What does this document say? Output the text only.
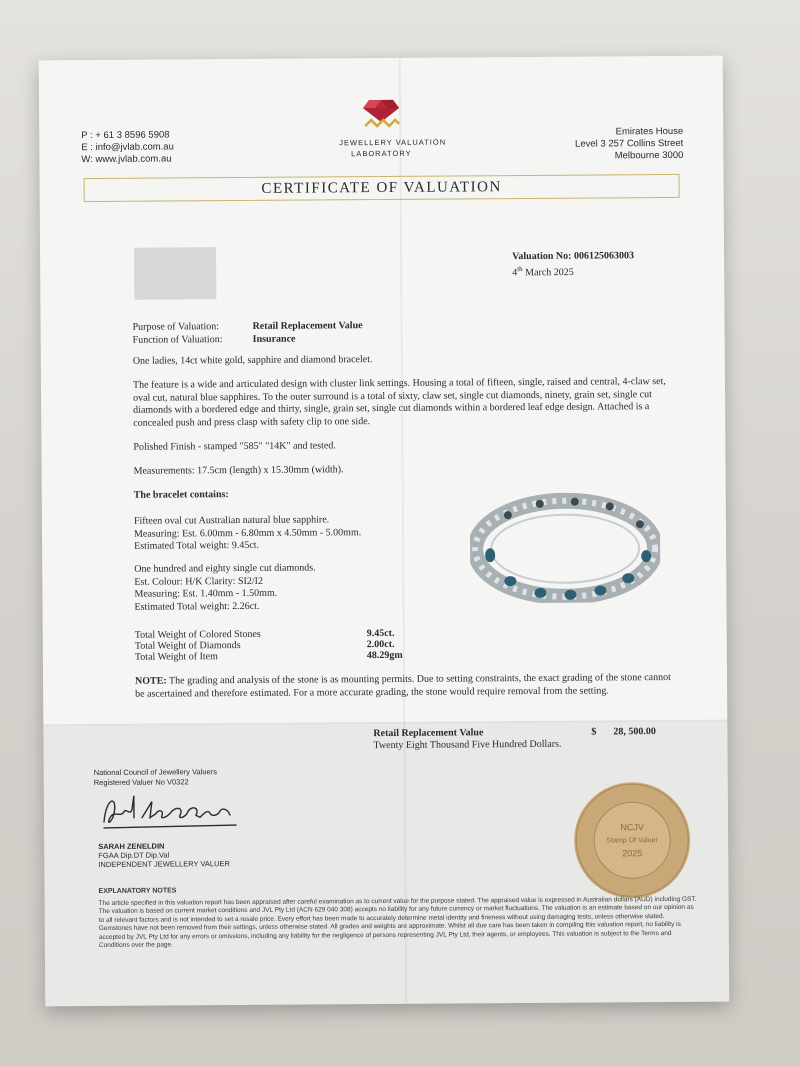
P : + 61 3 8596 5908
E : info@jvlab.com.au
W: www.jvlab.com.au
JEWELLERY VALUATION
LABORATORY
Emirates House
Level 3 257 Collins Street
Melbourne 3000
CERTIFICATE OF VALUATION
Valuation No: 006125063003
4th March 2025
Purpose of Valuation:	Retail Replacement Value
Function of Valuation:	Insurance
One ladies, 14ct white gold, sapphire and diamond bracelet.
The feature is a wide and articulated design with cluster link settings. Housing a total of fifteen, single, raised and central, 4-claw set, oval cut, natural blue sapphires. To the outer surround is a total of sixty, claw set, single cut diamonds, ninety, grain set, single cut diamonds with a bordered edge and thirty, single, grain set, single cut diamonds within a bordered leaf edge design. Attached is a concealed push and press clasp with safety clip to one side.
Polished Finish - stamped "585" "14K" and tested.
Measurements: 17.5cm (length) x 15.30mm (width).
The bracelet contains:
Fifteen oval cut Australian natural blue sapphire.
Measuring: Est. 6.00mm - 6.80mm x 4.50mm - 5.00mm.
Estimated Total weight: 9.45ct.
One hundred and eighty single cut diamonds.
Est. Colour: H/K Clarity: SI2/I2
Measuring: Est. 1.40mm - 1.50mm.
Estimated Total weight: 2.26ct.
Total Weight of Colored Stones	9.45ct.
Total Weight of Diamonds	2.00ct.
Total Weight of Item	48.29gm
NOTE: The grading and analysis of the stone is as mounting permits. Due to setting constraints, the exact grading of the stone cannot be ascertained and therefore estimated. For a more accurate grading, the stone would require removal from the setting.
Retail Replacement Value	$ 28, 500.00
Twenty Eight Thousand Five Hundred Dollars.
National Council of Jewellery Valuers
Registered Valuer No V0322
SARAH ZENELDIN
FGAA Dip.DT Dip.Val
INDEPENDENT JEWELLERY VALUER
NCJV
Stamp Of Valuer
2025
EXPLANATORY NOTES
The article specified in this valuation report has been appraised after careful examination as to current value for the purpose stated. The appraised value is expressed in Australian dollars (AUD) including GST. The valuation is based on current market conditions and JVL Pty Ltd (ACN 629 040 308) accepts no liability for any future currency or market fluctuations. The valuation is an estimate based on our opinion as to all relevant factors and is not intended to set a resale price. Every effort has been made to accurately determine metal identity and fineness without using damaging tests, unless otherwise stated. Gemstones have not been removed from their settings, unless otherwise stated. All grades and weights are approximate. Whilst all due care has been taken in compiling this valuation report, no liability is accepted by JVL Pty Ltd for any errors or omissions, including any liability for the negligence of persons representing JVL Pty Ltd, their agents, or employees. This valuation is subject to the Terms and Conditions over the page.
